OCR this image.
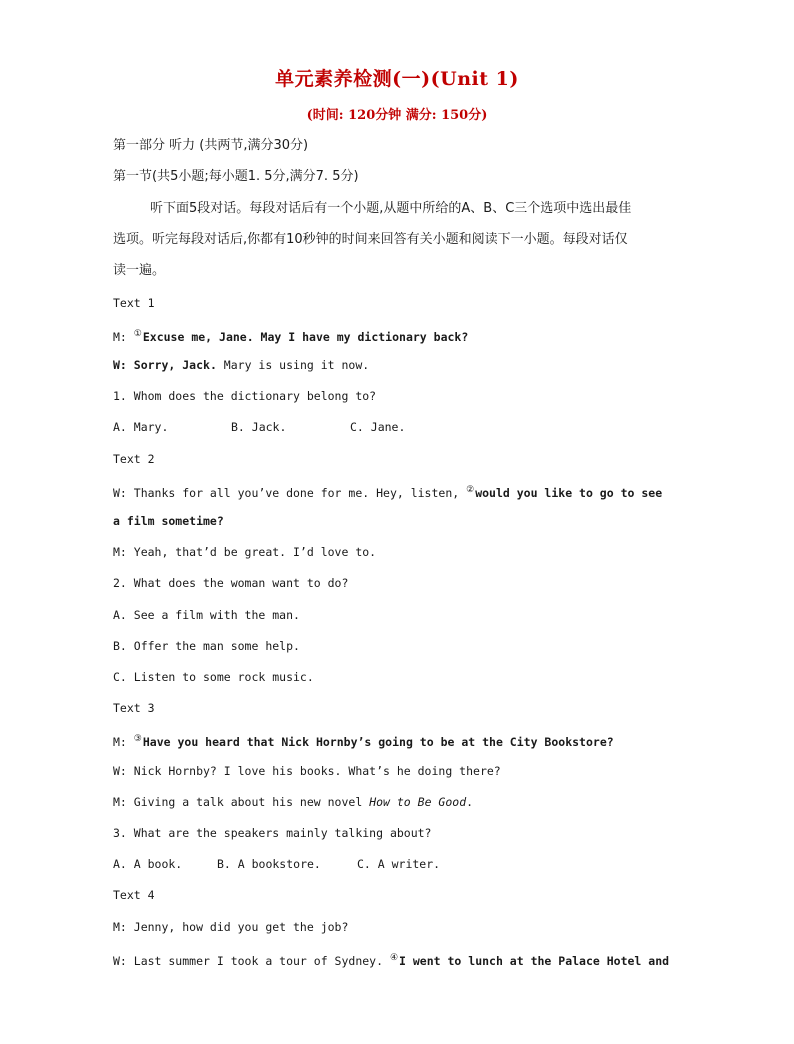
单元素养检测(一)(Unit 1)
(时间: 120分钟 满分: 150分)
第一部分 听力 (共两节,满分30分)
第一节(共5小题;每小题1. 5分,满分7. 5分)
听下面5段对话。每段对话后有一个小题,从题中所给的A、B、C三个选项中选出最佳
选项。听完每段对话后,你都有10秒钟的时间来回答有关小题和阅读下一小题。每段对话仅
读一遍。
Text 1
M: ①Excuse me, Jane. May I have my dictionary back?
W: Sorry, Jack. Mary is using it now.
1. Whom does the dictionary belong to?
A. Mary.	B. Jack.	C. Jane.
Text 2
W: Thanks for all you’ve done for me. Hey, listen, ②would you like to go to see
a film sometime?
M: Yeah, that’d be great. I’d love to.
2. What does the woman want to do?
A. See a film with the man.
B. Offer the man some help.
C. Listen to some rock music.
Text 3
M: ③Have you heard that Nick Hornby’s going to be at the City Bookstore?
W: Nick Hornby? I love his books. What’s he doing there?
M: Giving a talk about his new novel How to Be Good.
3. What are the speakers mainly talking about?
A. A book.	B. A bookstore.	C. A writer.
Text 4
M: Jenny, how did you get the job?
W: Last summer I took a tour of Sydney. ④I went to lunch at the Palace Hotel and
